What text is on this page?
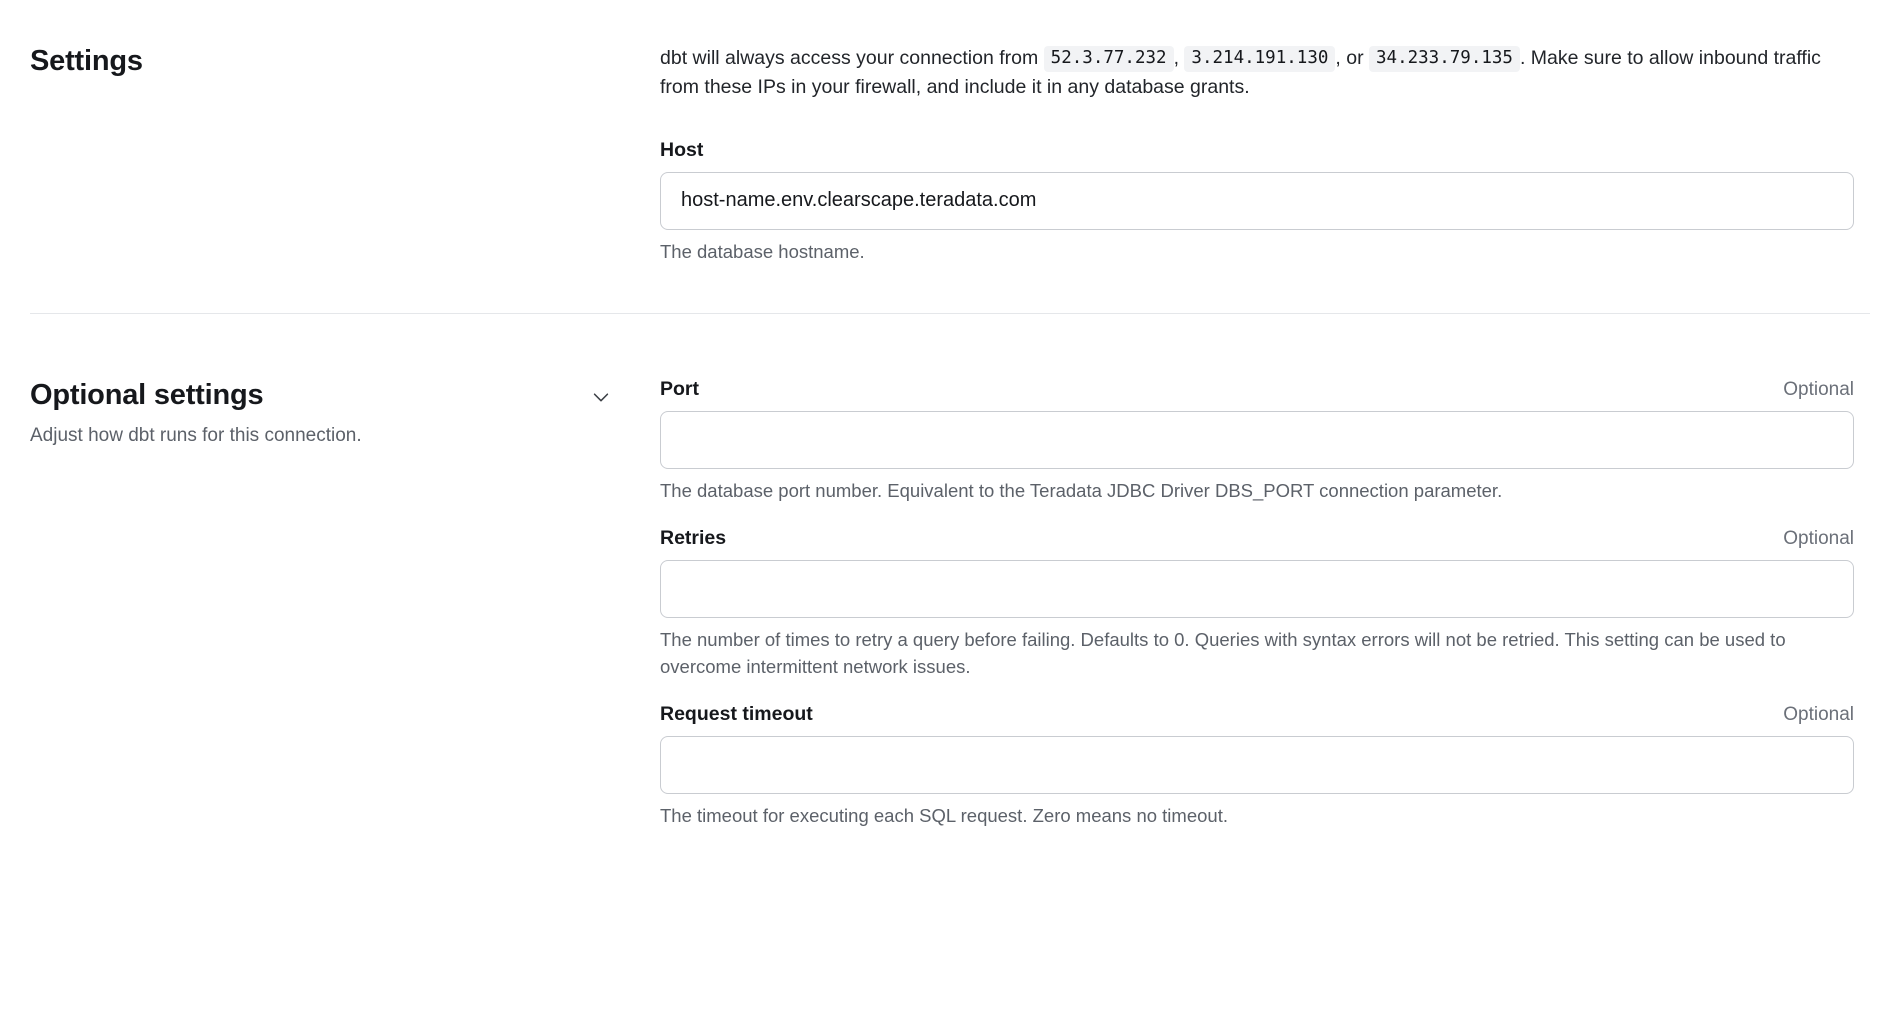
Settings	dbt will always access your connection from 52.3.77.232 , 3.214.191.130 , or 34.233.79.135 . Make sure to allow inbound traffic from these IPs in your firewall, and include it in any database grants.

Host
host-name.env.clearscape.teradata.com
The database hostname.
Optional settings
Adjust how dbt runs for this connection.
Port	Optional
The database port number. Equivalent to the Teradata JDBC Driver DBS_PORT connection parameter.
Retries	Optional
The number of times to retry a query before failing. Defaults to 0. Queries with syntax errors will not be retried. This setting can be used to overcome intermittent network issues.
Request timeout	Optional
The timeout for executing each SQL request. Zero means no timeout.
